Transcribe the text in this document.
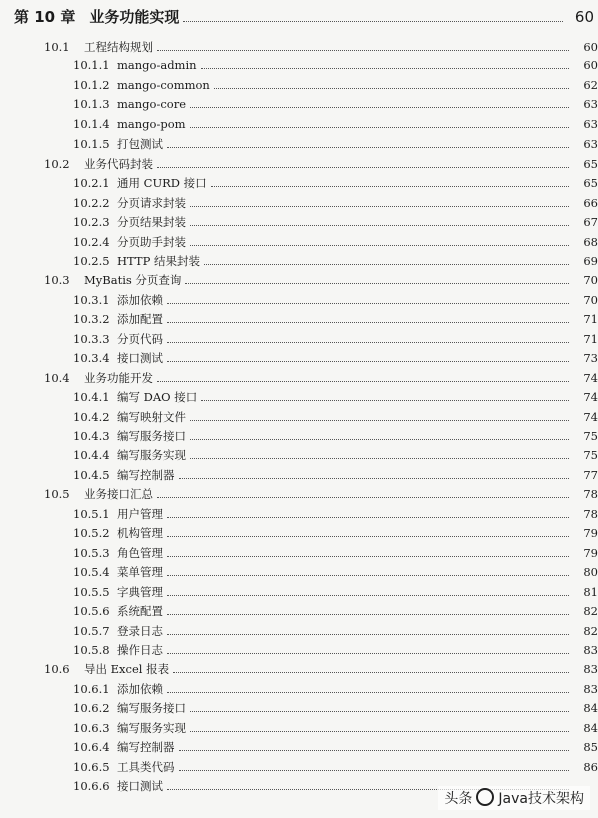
第 10 章 业务功能实现	60
10.1	工程结构规划	60
10.1.1 mango-admin	60
10.1.2 mango-common	62
10.1.3 mango-core	63
10.1.4 mango-pom	63
10.1.5 打包测试	63
10.2	业务代码封装	65
10.2.1 通用 CURD 接口	65
10.2.2 分页请求封装	66
10.2.3 分页结果封装	67
10.2.4 分页助手封装	68
10.2.5 HTTP 结果封装	69
10.3	MyBatis 分页查询	70
10.3.1 添加依赖	70
10.3.2 添加配置	71
10.3.3 分页代码	71
10.3.4 接口测试	73
10.4	业务功能开发	74
10.4.1 编写 DAO 接口	74
10.4.2 编写映射文件	74
10.4.3 编写服务接口	75
10.4.4 编写服务实现	75
10.4.5 编写控制器	77
10.5	业务接口汇总	78
10.5.1 用户管理	78
10.5.2 机构管理	79
10.5.3 角色管理	79
10.5.4 菜单管理	80
10.5.5 字典管理	81
10.5.6 系统配置	82
10.5.7 登录日志	82
10.5.8 操作日志	83
10.6	导出 Excel 报表	83
10.6.1 添加依赖	83
10.6.2 编写服务接口	84
10.6.3 编写服务实现	84
10.6.4 编写控制器	85
10.6.5 工具类代码	86
10.6.6 接口测试
头条 Java技术架构
